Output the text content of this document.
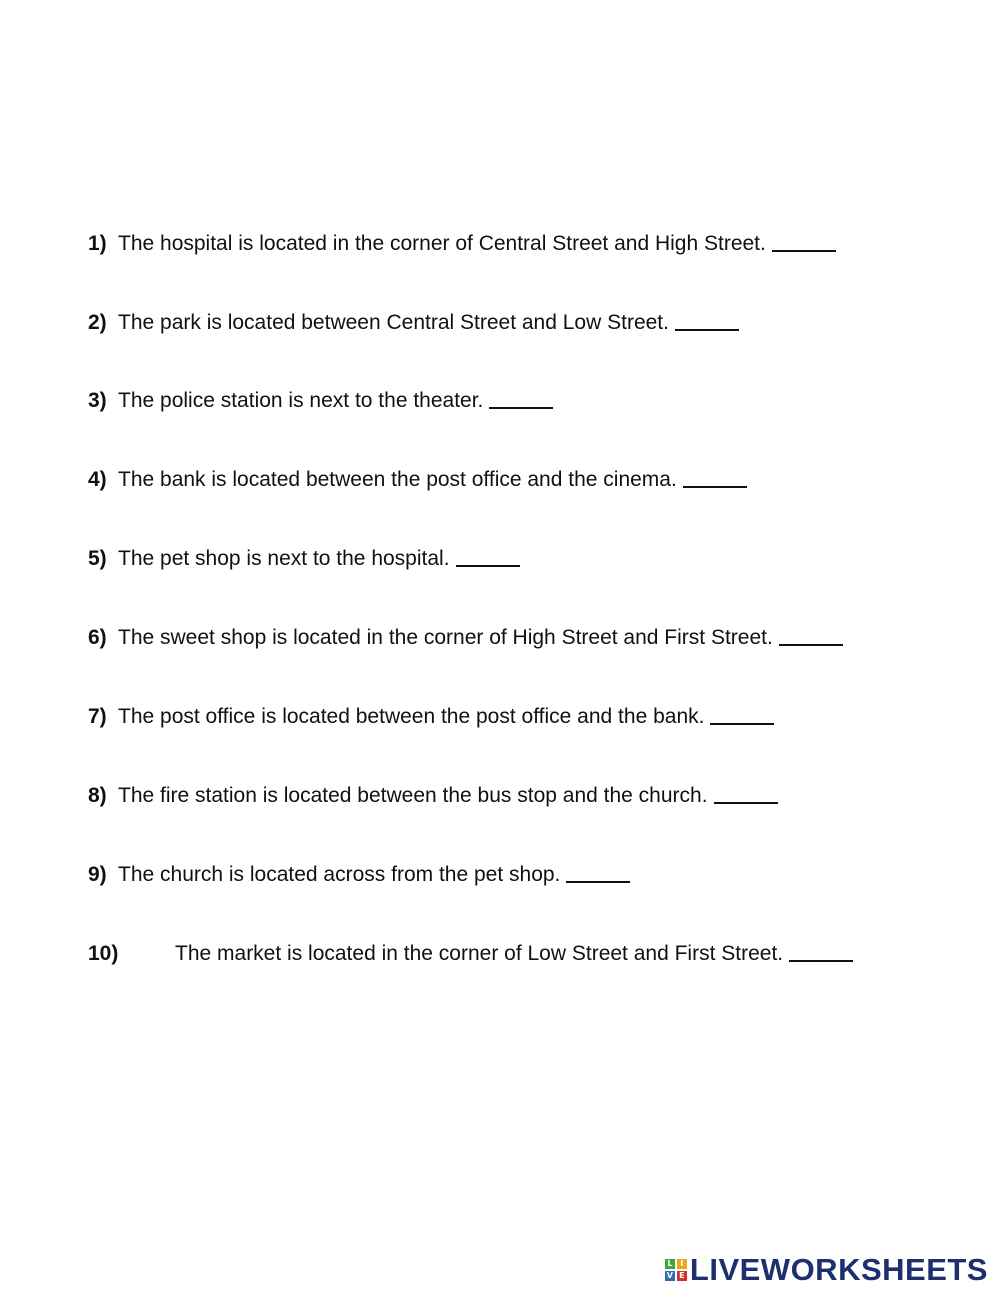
1) The hospital is located in the corner of Central Street and High Street.
2) The park is located between Central Street and Low Street.
3) The police station is next to the theater.
4) The bank is located between the post office and the cinema.
5) The pet shop is next to the hospital.
6) The sweet shop is located in the corner of High Street and First Street.
7) The post office is located between the post office and the bank.
8) The fire station is located between the bus stop and the church.
9) The church is located across from the pet shop.
10)	The market is located in the corner of Low Street and First Street.
L I
V E LIVEWORKSHEETS
